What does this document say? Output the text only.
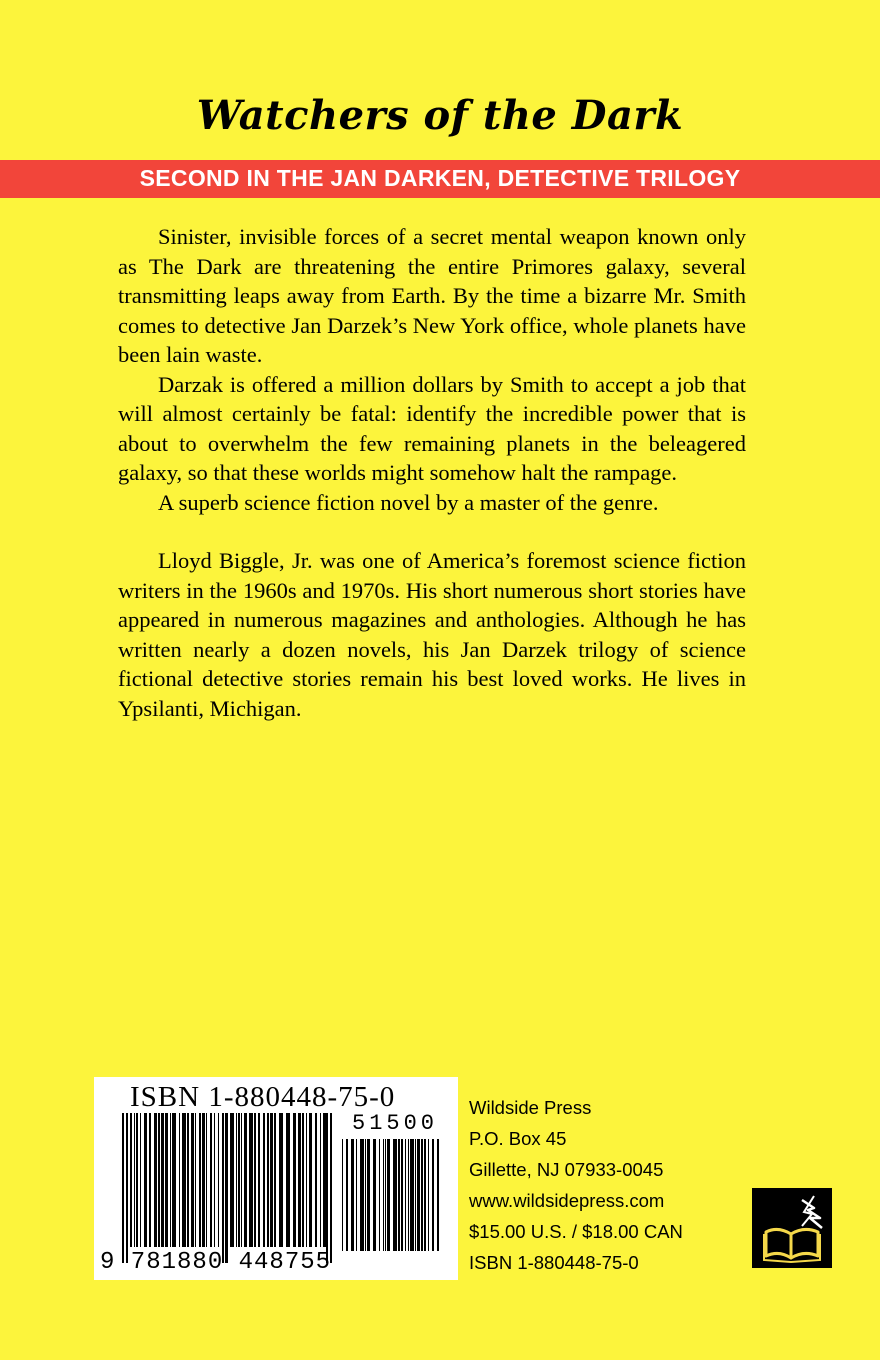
Watchers of the Dark
SECOND IN THE JAN DARKEN, DETECTIVE TRILOGY

Sinister, invisible forces of a secret mental weapon known only as The Dark are threatening the entire Primores galaxy, several transmitting leaps away from Earth. By the time a bizarre Mr. Smith comes to detective Jan Darzek’s New York office, whole planets have been lain waste.

Darzak is offered a million dollars by Smith to accept a job that will almost certainly be fatal: identify the incredible power that is about to overwhelm the few remaining planets in the beleagered galaxy, so that these worlds might somehow halt the rampage.

A superb science fiction novel by a master of the genre.

Lloyd Biggle, Jr. was one of America’s foremost science fiction writers in the 1960s and 1970s. His short numerous short stories have appeared in numerous magazines and anthologies. Although he has written nearly a dozen novels, his Jan Darzek trilogy of science fictional detective stories remain his best loved works. He lives in Ypsilanti, Michigan.

ISBN 1-880448-75-0
51500
9 781880 448755
Wildside Press
P.O. Box 45
Gillette, NJ 07933-0045
www.wildsidepress.com
$15.00 U.S. / $18.00 CAN
ISBN 1-880448-75-0
